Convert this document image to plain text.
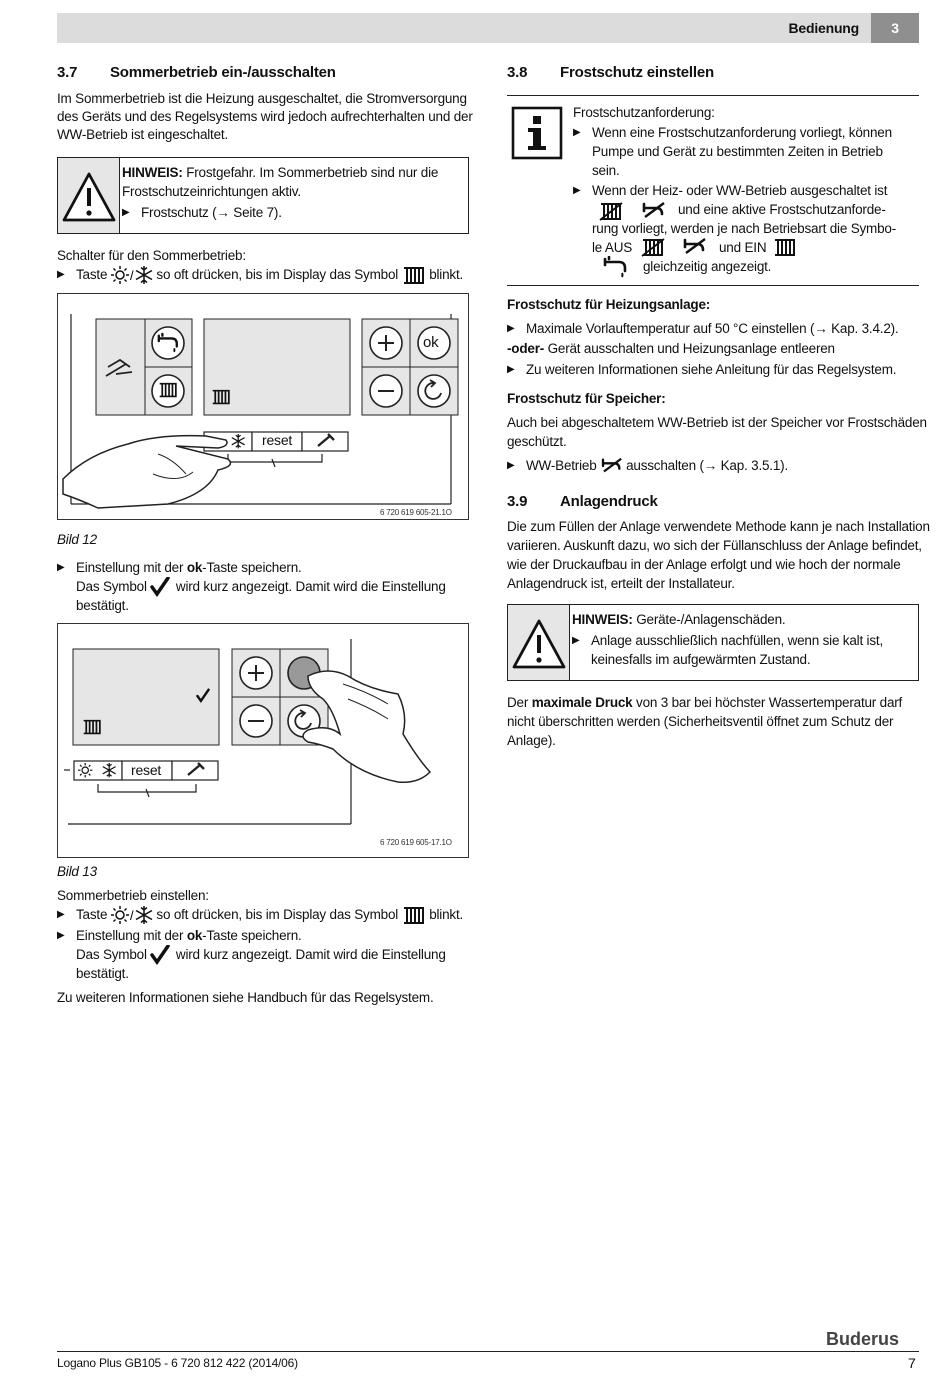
Bedienung	3
3.7 Sommerbetrieb ein-/ausschalten

Im Sommerbetrieb ist die Heizung ausgeschaltet, die Stromversorgung

des Geräts und des Regelsystems wird jedoch aufrechterhalten und der

WW-Betrieb ist eingeschaltet.

HINWEIS: Frostgefahr. Im Sommerbetrieb sind nur die

Frostschutzeinrichtungen aktiv.

▶ Frostschutz (→ Seite 7).

Schalter für den Sommerbetrieb:

▶ Taste / so oft drücken, bis im Display das Symbol blinkt.
reset
ok
6 720 619 605-21.1O

Bild 12

▶ Einstellung mit der ok-Taste speichern.

Das Symbol wird kurz angezeigt. Damit wird die Einstellung

bestätigt.

reset
6 720 619 605-17.1O

Bild 13

Sommerbetrieb einstellen:

▶ Taste / so oft drücken, bis im Display das Symbol blinkt.
▶ Einstellung mit der ok-Taste speichern.

Das Symbol wird kurz angezeigt. Damit wird die Einstellung

bestätigt.

Zu weiteren Informationen siehe Handbuch für das Regelsystem.

3.8 Frostschutz einstellen

Frostschutzanforderung:

▶ Wenn eine Frostschutzanforderung vorliegt, können

Pumpe und Gerät zu bestimmten Zeiten in Betrieb

sein.

▶ Wenn der Heiz- oder WW-Betrieb ausgeschaltet ist

und eine aktive Frostschutzanforde-

rung vorliegt, werden je nach Betriebsart die Symbo-

le AUS	und EIN

gleichzeitig angezeigt.

Frostschutz für Heizungsanlage:

▶ Maximale Vorlauftemperatur auf 50 °C einstellen (→ Kap. 3.4.2).

-oder- Gerät ausschalten und Heizungsanlage entleeren

▶ Zu weiteren Informationen siehe Anleitung für das Regelsystem.

Frostschutz für Speicher:

Auch bei abgeschaltetem WW-Betrieb ist der Speicher vor Frostschäden

geschützt.

▶ WW-Betrieb ausschalten (→ Kap. 3.5.1).
3.9 Anlagendruck

Die zum Füllen der Anlage verwendete Methode kann je nach Installation

variieren. Auskunft dazu, wo sich der Füllanschluss der Anlage befindet,

wie der Druckaufbau in der Anlage erfolgt und wie hoch der normale

Anlagendruck ist, erteilt der Installateur.

HINWEIS: Geräte-/Anlagenschäden.

▶ Anlage ausschließlich nachfüllen, wenn sie kalt ist,

keinesfalls im aufgewärmten Zustand.

Der maximale Druck von 3 bar bei höchster Wassertemperatur darf

nicht überschritten werden (Sicherheitsventil öffnet zum Schutz der

Anlage).

Buderus
Logano Plus GB105 - 6 720 812 422 (2014/06)	7
